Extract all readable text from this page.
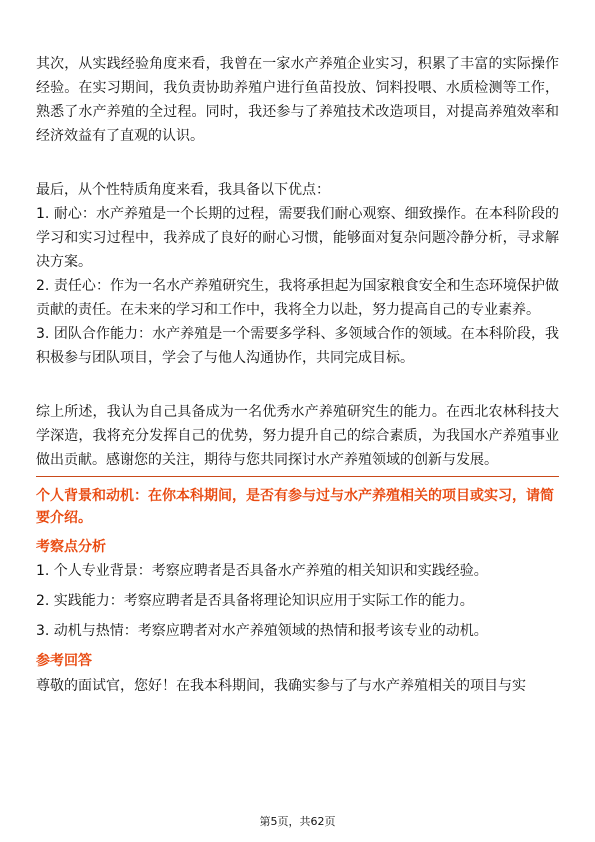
其次，从实践经验角度来看，我曾在一家水产养殖企业实习，积累了丰富的实际操作经验。在实习期间，我负责协助养殖户进行鱼苗投放、饲料投喂、水质检测等工作，熟悉了水产养殖的全过程。同时，我还参与了养殖技术改造项目，对提高养殖效率和经济效益有了直观的认识。

最后，从个性特质角度来看，我具备以下优点：

1. 耐心：水产养殖是一个长期的过程，需要我们耐心观察、细致操作。在本科阶段的学习和实习过程中，我养成了良好的耐心习惯，能够面对复杂问题冷静分析，寻求解决方案。

2. 责任心：作为一名水产养殖研究生，我将承担起为国家粮食安全和生态环境保护做贡献的责任。在未来的学习和工作中，我将全力以赴，努力提高自己的专业素养。

3. 团队合作能力：水产养殖是一个需要多学科、多领域合作的领域。在本科阶段，我积极参与团队项目，学会了与他人沟通协作，共同完成目标。

综上所述，我认为自己具备成为一名优秀水产养殖研究生的能力。在西北农林科技大学深造，我将充分发挥自己的优势，努力提升自己的综合素质，为我国水产养殖事业做出贡献。感谢您的关注，期待与您共同探讨水产养殖领域的创新与发展。

个人背景和动机：在你本科期间，是否有参与过与水产养殖相关的项目或实习，请简要介绍。

考察点分析
1. 个人专业背景：考察应聘者是否具备水产养殖的相关知识和实践经验。
2. 实践能力：考察应聘者是否具备将理论知识应用于实际工作的能力。
3. 动机与热情：考察应聘者对水产养殖领域的热情和报考该专业的动机。
参考回答

尊敬的面试官，您好！在我本科期间，我确实参与了与水产养殖相关的项目与实

第5页，共62页
